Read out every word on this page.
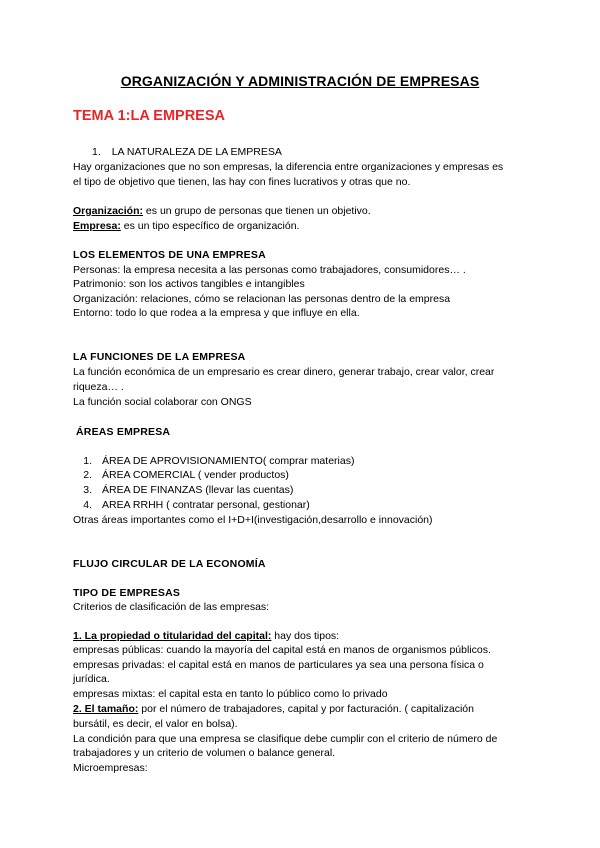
ORGANIZACIÓN Y ADMINISTRACIÓN DE EMPRESAS
TEMA 1:LA EMPRESA
1. LA NATURALEZA DE LA EMPRESA
Hay organizaciones que no son empresas, la diferencia entre organizaciones y empresas es
el tipo de objetivo que tienen, las hay con fines lucrativos y otras que no.
Organización: es un grupo de personas que tienen un objetivo.
Empresa: es un tipo específico de organización.
LOS ELEMENTOS DE UNA EMPRESA
Personas: la empresa necesita a las personas como trabajadores, consumidores… .
Patrimonio: son los activos tangibles e intangibles
Organización: relaciones, cómo se relacionan las personas dentro de la empresa
Entorno: todo lo que rodea a la empresa y que influye en ella.
LA FUNCIONES DE LA EMPRESA
La función económica de un empresario es crear dinero, generar trabajo, crear valor, crear
riqueza… .
La función social colaborar con ONGS
ÁREAS EMPRESA
1. ÁREA DE APROVISIONAMIENTO( comprar materias)
2. ÁREA COMERCIAL ( vender productos)
3. ÁREA DE FINANZAS (llevar las cuentas)
4. AREA RRHH ( contratar personal, gestionar)
Otras áreas importantes como el I+D+I(investigación,desarrollo e innovación)
FLUJO CIRCULAR DE LA ECONOMÍA
TIPO DE EMPRESAS
Criterios de clasificación de las empresas:
1. La propiedad o titularidad del capital: hay dos tipos:
empresas públicas: cuando la mayoría del capital está en manos de organismos públicos.
empresas privadas: el capital está en manos de particulares ya sea una persona física o
jurídica.
empresas mixtas: el capital esta en tanto lo público como lo privado
2. El tamaño: por el número de trabajadores, capital y por facturación. ( capitalización
bursátil, es decir, el valor en bolsa).
La condición para que una empresa se clasifique debe cumplir con el criterio de número de
trabajadores y un criterio de volumen o balance general.
Microempresas:
